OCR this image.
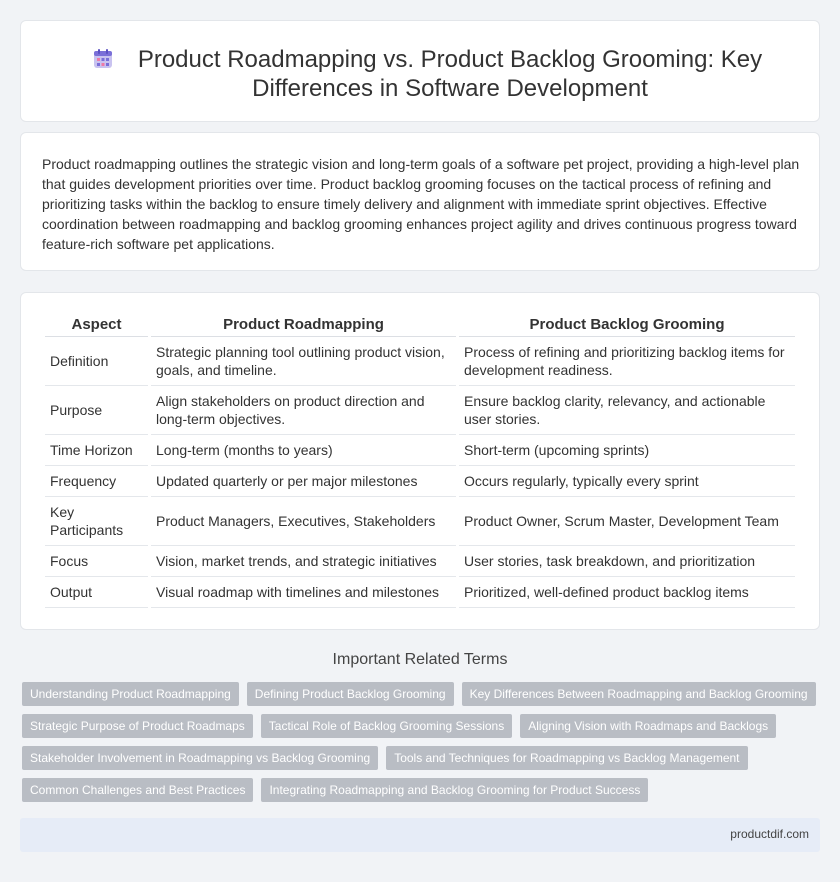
Product Roadmapping vs. Product Backlog Grooming: Key Differences in Software Development

Product roadmapping outlines the strategic vision and long-term goals of a software pet project, providing a high-level plan that guides development priorities over time. Product backlog grooming focuses on the tactical process of refining and prioritizing tasks within the backlog to ensure timely delivery and alignment with immediate sprint objectives. Effective coordination between roadmapping and backlog grooming enhances project agility and drives continuous progress toward feature-rich software pet applications.

Aspect	Product Roadmapping	Product Backlog Grooming
Definition	Strategic planning tool outlining product vision, goals, and timeline.	Process of refining and prioritizing backlog items for development readiness.
Purpose	Align stakeholders on product direction and long-term objectives.	Ensure backlog clarity, relevancy, and actionable user stories.
Time Horizon	Long-term (months to years)	Short-term (upcoming sprints)
Frequency	Updated quarterly or per major milestones	Occurs regularly, typically every sprint
Key Participants	Product Managers, Executives, Stakeholders	Product Owner, Scrum Master, Development Team
Focus	Vision, market trends, and strategic initiatives	User stories, task breakdown, and prioritization
Output	Visual roadmap with timelines and milestones	Prioritized, well-defined product backlog items
Important Related Terms
Understanding Product Roadmapping	Defining Product Backlog Grooming	Key Differences Between Roadmapping and Backlog Grooming
Strategic Purpose of Product Roadmaps	Tactical Role of Backlog Grooming Sessions	Aligning Vision with Roadmaps and Backlogs
Stakeholder Involvement in Roadmapping vs Backlog Grooming	Tools and Techniques for Roadmapping vs Backlog Management
Common Challenges and Best Practices	Integrating Roadmapping and Backlog Grooming for Product Success
productdif.com
